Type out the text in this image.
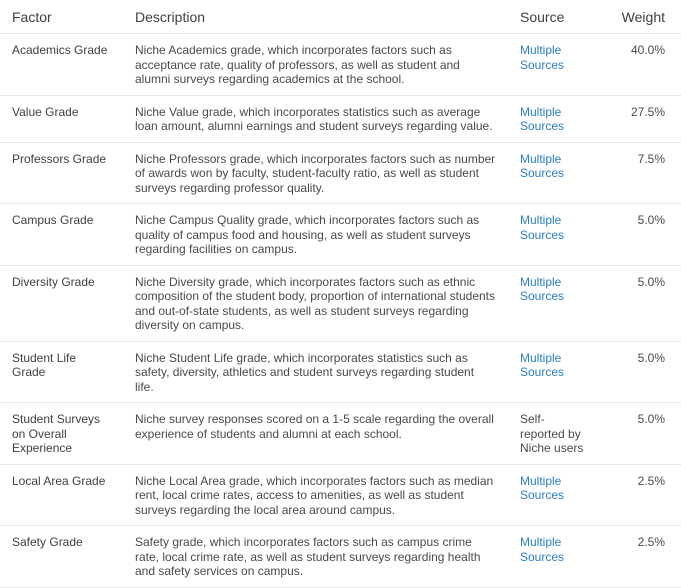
Factor	Description	Source	Weight
Academics Grade	Niche Academics grade, which incorporates factors such as acceptance rate, quality of professors, as well as student and alumni surveys regarding academics at the school.	Multiple Sources	40.0%
Value Grade	Niche Value grade, which incorporates statistics such as average loan amount, alumni earnings and student surveys regarding value.	Multiple Sources	27.5%
Professors Grade	Niche Professors grade, which incorporates factors such as number of awards won by faculty, student-faculty ratio, as well as student surveys regarding professor quality.	Multiple Sources	7.5%
Campus Grade	Niche Campus Quality grade, which incorporates factors such as quality of campus food and housing, as well as student surveys regarding facilities on campus.	Multiple Sources	5.0%
Diversity Grade	Niche Diversity grade, which incorporates factors such as ethnic composition of the student body, proportion of international students and out-of-state students, as well as student surveys regarding diversity on campus.	Multiple Sources	5.0%
Student Life Grade	Niche Student Life grade, which incorporates statistics such as safety, diversity, athletics and student surveys regarding student life.	Multiple Sources	5.0%
Student Surveys on Overall Experience	Niche survey responses scored on a 1-5 scale regarding the overall experience of students and alumni at each school.	Self-reported by Niche users	5.0%
Local Area Grade	Niche Local Area grade, which incorporates factors such as median rent, local crime rates, access to amenities, as well as student surveys regarding the local area around campus.	Multiple Sources	2.5%
Safety Grade	Safety grade, which incorporates factors such as campus crime rate, local crime rate, as well as student surveys regarding health and safety services on campus.	Multiple Sources	2.5%
